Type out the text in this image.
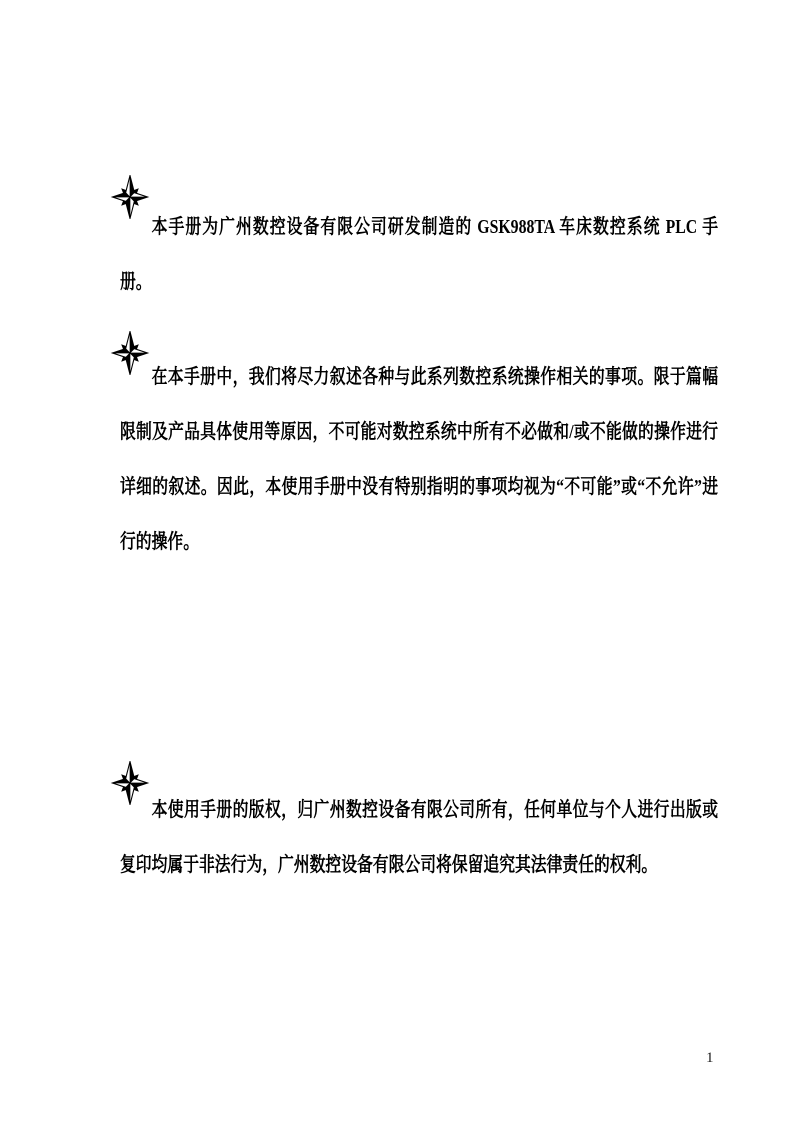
本手册为广州数控设备有限公司研发制造的 GSK988TA 车床数控系统 PLC 手册。

在本手册中，我们将尽力叙述各种与此系列数控系统操作相关的事项。限于篇幅限制及产品具体使用等原因，不可能对数控系统中所有不必做和/或不能做的操作进行详细的叙述。因此，本使用手册中没有特别指明的事项均视为“不可能”或“不允许”进行的操作。

本使用手册的版权，归广州数控设备有限公司所有，任何单位与个人进行出版或复印均属于非法行为，广州数控设备有限公司将保留追究其法律责任的权利。

1
